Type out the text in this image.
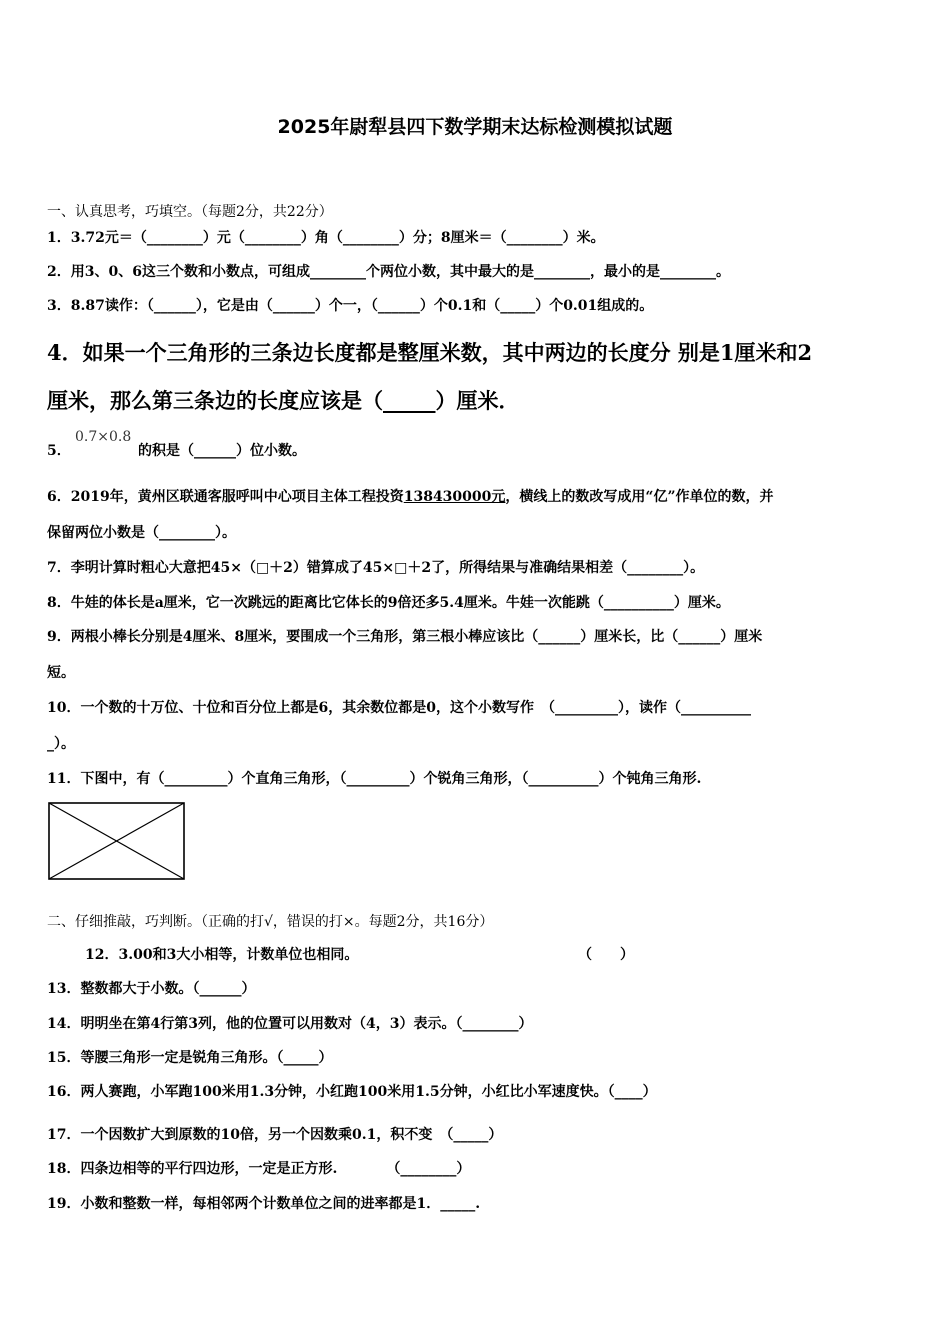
2025年尉犁县四下数学期末达标检测模拟试题
一、认真思考，巧填空。（每题2分，共22分）
1．3.72元＝（________）元（________）角（________）分；8厘米＝（________）米。
2．用3、0、6这三个数和小数点，可组成________个两位小数，其中最大的是________，最小的是________。
3．8.87读作：（______），它是由（______）个一，（______）个0.1和（_____）个0.01组成的。
4．如果一个三角形的三条边长度都是整厘米数，其中两边的长度分 别是1厘米和2
厘米，那么第三条边的长度应该是（_____）厘米．
5．
0.7×0.8
的积是（______）位小数。
6．2019年，黄州区联通客服呼叫中心项目主体工程投资138430000元，横线上的数改写成用“亿”作单位的数，并
保留两位小数是（________）。
7．李明计算时粗心大意把45×（□＋2）错算成了45×□＋2了，所得结果与准确结果相差（________）。
8．牛娃的体长是a厘米，它一次跳远的距离比它体长的9倍还多5.4厘米。牛娃一次能跳（__________）厘米。
9．两根小棒长分别是4厘米、8厘米，要围成一个三角形，第三根小棒应该比（______）厘米长，比（______）厘米
短。
10．一个数的十万位、十位和百分位上都是6，其余数位都是0，这个小数写作　（_________），读作（__________
_）。
11．下图中，有（_________）个直角三角形，（_________）个锐角三角形，（__________）个钝角三角形.
二、仔细推敲，巧判断。（正确的打√，错误的打×。每题2分，共16分）
12．3.00和3大小相等，计数单位也相同。	（　　）
13．整数都大于小数。（______）
14．明明坐在第4行第3列，他的位置可以用数对（4，3）表示。（________）
15．等腰三角形一定是锐角三角形。（_____）
16．两人赛跑，小军跑100米用1.3分钟，小红跑100米用1.5分钟，小红比小军速度快。（____）
17．一个因数扩大到原数的10倍，另一个因数乘0.1，积不变　（_____）
18．四条边相等的平行四边形，一定是正方形.　　　　（________）
19．小数和整数一样，每相邻两个计数单位之间的进率都是1．_____.
